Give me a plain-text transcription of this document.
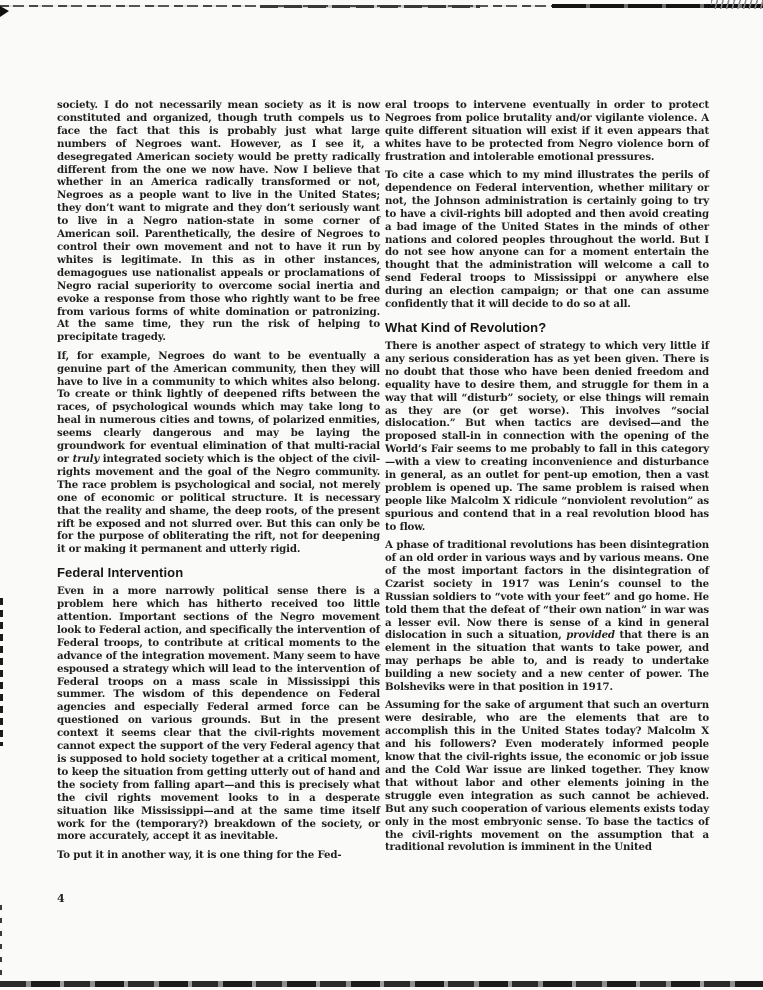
society. I do not necessarily mean society as it is now constituted and organized, though truth compels us to face the fact that this is probably just what large numbers of Negroes want. However, as I see it, a desegregated American society would be pretty radically different from the one we now have. Now I believe that whether in an America radically transformed or not, Negroes as a people want to live in the United States; they don’t want to migrate and they don’t seriously want to live in a Negro nation-state in some corner of American soil. Parenthetically, the desire of Negroes to control their own movement and not to have it run by whites is legitimate. In this as in other instances, demagogues use nationalist appeals or proclamations of Negro racial superiority to overcome social inertia and evoke a response from those who rightly want to be free from various forms of white domination or patronizing. At the same time, they run the risk of helping to precipitate tragedy.

If, for example, Negroes do want to be eventually a genuine part of the American community, then they will have to live in a community to which whites also belong. To create or think lightly of deepened rifts between the races, of psychological wounds which may take long to heal in numerous cities and towns, of polarized enmities, seems clearly dangerous and may be laying the groundwork for eventual elimination of that multi-racial or truly integrated society which is the object of the civil-rights movement and the goal of the Negro community. The race problem is psychological and social, not merely one of economic or political structure. It is necessary that the reality and shame, the deep roots, of the present rift be exposed and not slurred over. But this can only be for the purpose of obliterating the rift, not for deepening it or making it permanent and utterly rigid.

Federal Intervention

Even in a more narrowly political sense there is a problem here which has hitherto received too little attention. Important sections of the Negro movement look to Federal action, and specifically the intervention of Federal troops, to contribute at critical moments to the advance of the integration movement. Many seem to have espoused a strategy which will lead to the intervention of Federal troops on a mass scale in Mississippi this summer. The wisdom of this dependence on Federal agencies and especially Federal armed force can be questioned on various grounds. But in the present context it seems clear that the civil-rights movement cannot expect the support of the very Federal agency that is supposed to hold society together at a critical moment, to keep the situation from getting utterly out of hand and the society from falling apart—and this is precisely what the civil rights movement looks to in a desperate situation like Mississippi—and at the same time itself work for the (temporary?) breakdown of the society, or more accurately, accept it as inevitable.

To put it in another way, it is one thing for the Fed-

eral troops to intervene eventually in order to protect Negroes from police brutality and/or vigilante violence. A quite different situation will exist if it even appears that whites have to be protected from Negro violence born of frustration and intolerable emotional pressures.

To cite a case which to my mind illustrates the perils of dependence on Federal intervention, whether military or not, the Johnson administration is certainly going to try to have a civil-rights bill adopted and then avoid creating a bad image of the United States in the minds of other nations and colored peoples throughout the world. But I do not see how anyone can for a moment entertain the thought that the administration will welcome a call to send Federal troops to Mississippi or anywhere else during an election campaign; or that one can assume confidently that it will decide to do so at all.

What Kind of Revolution?

There is another aspect of strategy to which very little if any serious consideration has as yet been given. There is no doubt that those who have been denied freedom and equality have to desire them, and struggle for them in a way that will “disturb” society, or else things will remain as they are (or get worse). This involves “social dislocation.” But when tactics are devised—and the proposed stall-in in connection with the opening of the World’s Fair seems to me probably to fall in this category—with a view to creating inconvenience and disturbance in general, as an outlet for pent-up emotion, then a vast problem is opened up. The same problem is raised when people like Malcolm X ridicule “nonviolent revolution” as spurious and contend that in a real revolution blood has to flow.

A phase of traditional revolutions has been disintegration of an old order in various ways and by various means. One of the most important factors in the disintegration of Czarist society in 1917 was Lenin’s counsel to the Russian soldiers to “vote with your feet” and go home. He told them that the defeat of “their own nation” in war was a lesser evil. Now there is sense of a kind in general dislocation in such a situation, provided that there is an element in the situation that wants to take power, and may perhaps be able to, and is ready to undertake building a new society and a new center of power. The Bolsheviks were in that position in 1917.

Assuming for the sake of argument that such an overturn were desirable, who are the elements that are to accomplish this in the United States today? Malcolm X and his followers? Even moderately informed people know that the civil-rights issue, the economic or job issue and the Cold War issue are linked together. They know that without labor and other elements joining in the struggle even integration as such cannot be achieved. But any such cooperation of various elements exists today only in the most embryonic sense. To base the tactics of the civil-rights movement on the assumption that a traditional revolution is imminent in the United

4
